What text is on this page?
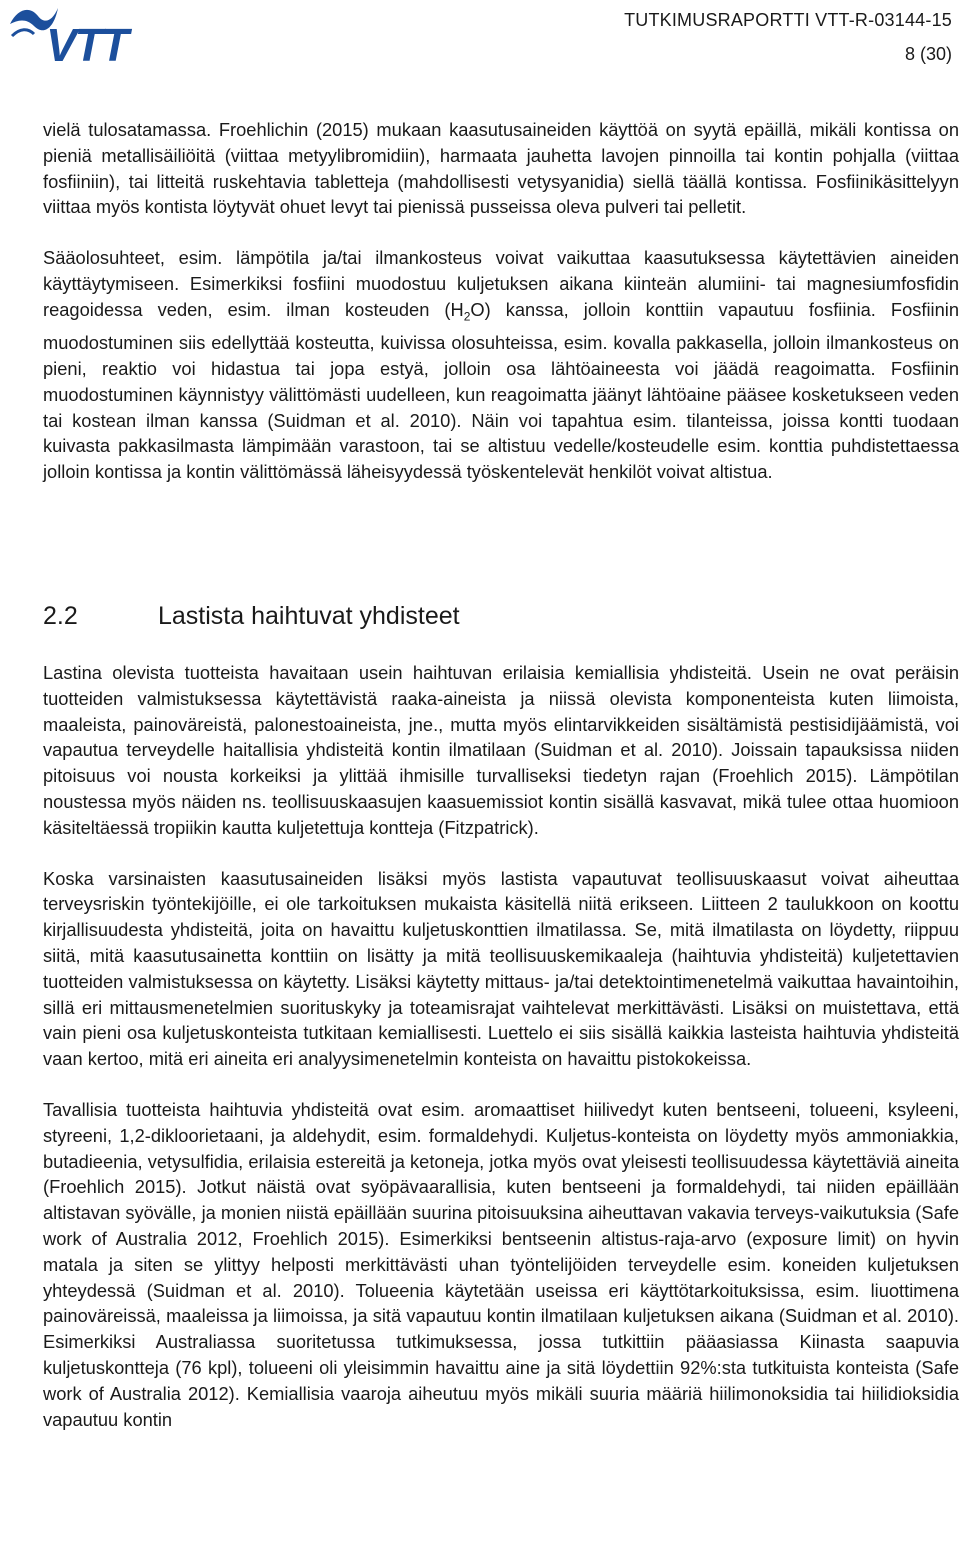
VTT	TUTKIMUSRAPORTTI VTT-R-03144-15
8 (30)

vielä tulosatamassa. Froehlichin (2015) mukaan kaasutusaineiden käyttöä on syytä epäillä, mikäli kontissa on pieniä metallisäiliöitä (viittaa metyylibromidiin), harmaata jauhetta lavojen pinnoilla tai kontin pohjalla (viittaa fosfiiniin), tai litteitä ruskehtavia tabletteja (mahdollisesti vetysyanidia) siellä täällä kontissa. Fosfiinikäsittelyyn viittaa myös kontista löytyvät ohuet levyt tai pienissä pusseissa oleva pulveri tai pelletit.

Sääolosuhteet, esim. lämpötila ja/tai ilmankosteus voivat vaikuttaa kaasutuksessa käytettävien aineiden käyttäytymiseen. Esimerkiksi fosfiini muodostuu kuljetuksen aikana kiinteän alumiini- tai magnesiumfosfidin reagoidessa veden, esim. ilman kosteuden $(H_2O)$ kanssa, jolloin konttiin vapautuu fosfiinia. Fosfiinin muodostuminen siis edellyttää kosteutta, kuivissa olosuhteissa, esim. kovalla pakkasella, jolloin ilmankosteus on pieni, reaktio voi hidastua tai jopa estyä, jolloin osa lähtöaineesta voi jäädä reagoimatta. Fosfiinin muodostuminen käynnistyy välittömästi uudelleen, kun reagoimatta jäänyt lähtöaine pääsee kosketukseen veden tai kostean ilman kanssa (Suidman et al. 2010). Näin voi tapahtua esim. tilanteissa, joissa kontti tuodaan kuivasta pakkasilmasta lämpimään varastoon, tai se altistuu vedelle/kosteudelle esim. konttia puhdistettaessa jolloin kontissa ja kontin välittömässä läheisyydessä työskentelevät henkilöt voivat altistua.

2.2	Lastista haihtuvat yhdisteet

Lastina olevista tuotteista havaitaan usein haihtuvan erilaisia kemiallisia yhdisteitä. Usein ne ovat peräisin tuotteiden valmistuksessa käytettävistä raaka-aineista ja niissä olevista komponenteista kuten liimoista, maaleista, painoväreistä, palonestoaineista, jne., mutta myös elintarvikkeiden sisältämistä pestisidijäämistä, voi vapautua terveydelle haitallisia yhdisteitä kontin ilmatilaan (Suidman et al. 2010). Joissain tapauksissa niiden pitoisuus voi nousta korkeiksi ja ylittää ihmisille turvalliseksi tiedetyn rajan (Froehlich 2015). Lämpötilan noustessa myös näiden ns. teollisuuskaasujen kaasuemissiot kontin sisällä kasvavat, mikä tulee ottaa huomioon käsiteltäessä tropiikin kautta kuljetettuja kontteja (Fitzpatrick).

Koska varsinaisten kaasutusaineiden lisäksi myös lastista vapautuvat teollisuuskaasut voivat aiheuttaa terveysriskin työntekijöille, ei ole tarkoituksen mukaista käsitellä niitä erikseen. Liitteen 2 taulukkoon on koottu kirjallisuudesta yhdisteitä, joita on havaittu kuljetuskonttien ilmatilassa. Se, mitä ilmatilasta on löydetty, riippuu siitä, mitä kaasutusainetta konttiin on lisätty ja mitä teollisuuskemikaaleja (haihtuvia yhdisteitä) kuljetettavien tuotteiden valmistuksessa on käytetty. Lisäksi käytetty mittaus- ja/tai detektointimenetelmä vaikuttaa havaintoihin, sillä eri mittausmenetelmien suorituskyky ja toteamisrajat vaihtelevat merkittävästi. Lisäksi on muistettava, että vain pieni osa kuljetuskonteista tutkitaan kemiallisesti. Luettelo ei siis sisällä kaikkia lasteista haihtuvia yhdisteitä vaan kertoo, mitä eri aineita eri analyysimenetelmin konteista on havaittu pistokokeissa.

Tavallisia tuotteista haihtuvia yhdisteitä ovat esim. aromaattiset hiilivedyt kuten bentseeni, tolueeni, ksyleeni, styreeni, 1,2-dikloorietaani, ja aldehydit, esim. formaldehydi. Kuljetus-konteista on löydetty myös ammoniakkia, butadieenia, vetysulfidia, erilaisia estereitä ja ketoneja, jotka myös ovat yleisesti teollisuudessa käytettäviä aineita (Froehlich 2015). Jotkut näistä ovat syöpävaarallisia, kuten bentseeni ja formaldehydi, tai niiden epäillään altistavan syövälle, ja monien niistä epäillään suurina pitoisuuksina aiheuttavan vakavia terveys-vaikutuksia (Safe work of Australia 2012, Froehlich 2015). Esimerkiksi bentseenin altistus-raja-arvo (exposure limit) on hyvin matala ja siten se ylittyy helposti merkittävästi uhan työntelijöiden terveydelle esim. koneiden kuljetuksen yhteydessä (Suidman et al. 2010). Tolueenia käytetään useissa eri käyttötarkoituksissa, esim. liuottimena painoväreissä, maaleissa ja liimoissa, ja sitä vapautuu kontin ilmatilaan kuljetuksen aikana (Suidman et al. 2010). Esimerkiksi Australiassa suoritetussa tutkimuksessa, jossa tutkittiin pääasiassa Kiinasta saapuvia kuljetuskontteja (76 kpl), tolueeni oli yleisimmin havaittu aine ja sitä löydettiin 92%:sta tutkituista konteista (Safe work of Australia 2012). Kemiallisia vaaroja aiheutuu myös mikäli suuria määriä hiilimonoksidia tai hiilidioksidia vapautuu kontin
